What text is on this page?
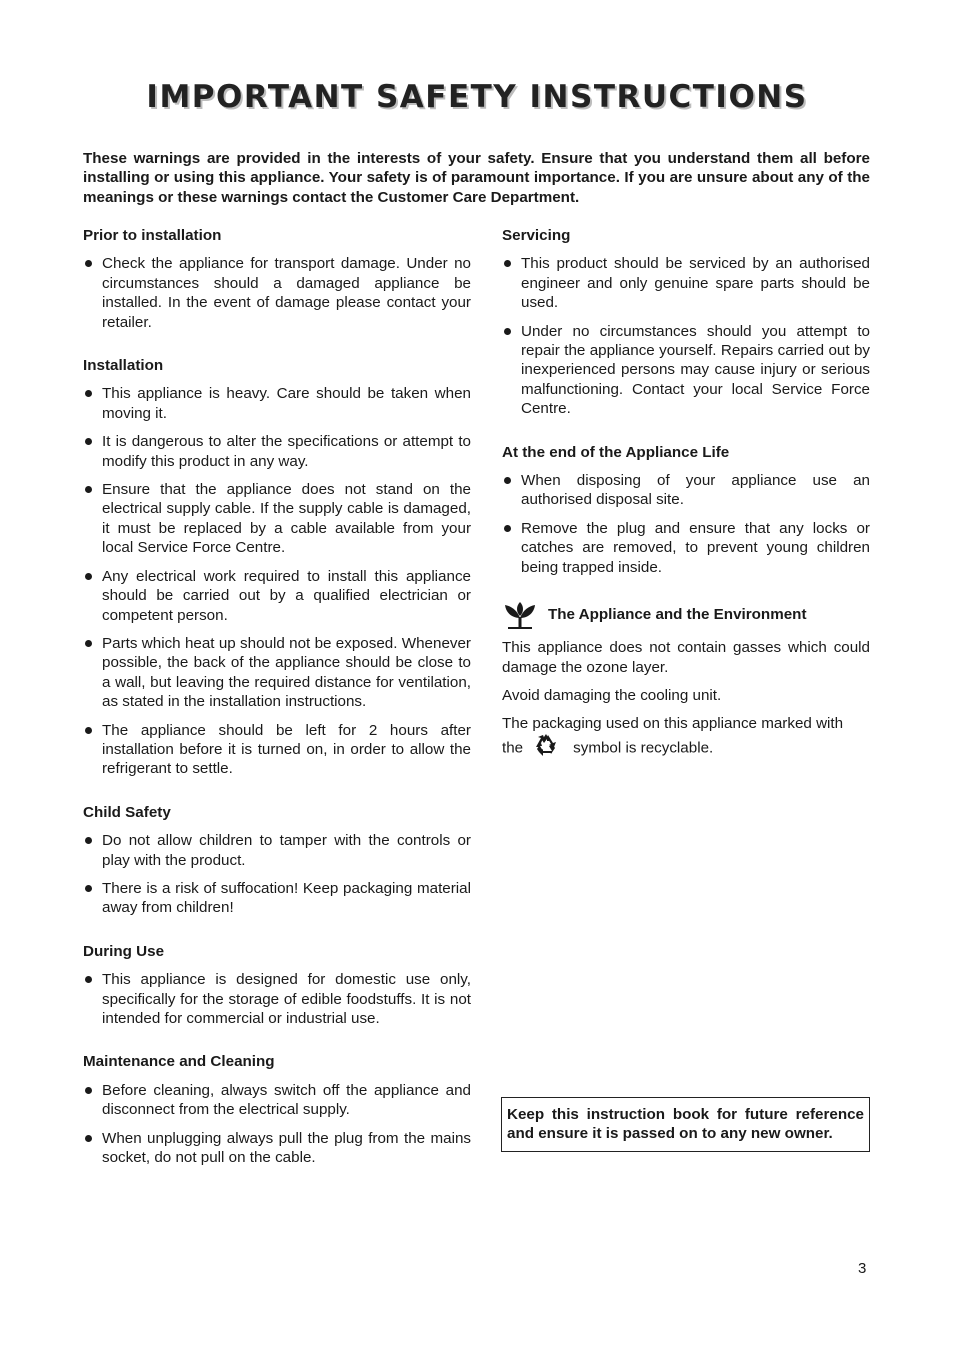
IMPORTANT SAFETY INSTRUCTIONS

These warnings are provided in the interests of your safety. Ensure that you understand them all before installing or using this appliance. Your safety is of paramount importance. If you are unsure about any of the meanings or these warnings contact the Customer Care Department.

Prior to installation
Check the appliance for transport damage. Under no circumstances should a damaged appliance be installed. In the event of damage please contact your retailer.
Installation
This appliance is heavy. Care should be taken when moving it.
It is dangerous to alter the specifications or attempt to modify this product in any way.
Ensure that the appliance does not stand on the electrical supply cable. If the supply cable is damaged, it must be replaced by a cable available from your local Service Force Centre.
Any electrical work required to install this appliance should be carried out by a qualified electrician or competent person.
Parts which heat up should not be exposed. Whenever possible, the back of the appliance should be close to a wall, but leaving the required distance for ventilation, as stated in the installation instructions.
The appliance should be left for 2 hours after installation before it is turned on, in order to allow the refrigerant to settle.
Child Safety
Do not allow children to tamper with the controls or play with the product.
There is a risk of suffocation! Keep packaging material away from children!
During Use
This appliance is designed for domestic use only, specifically for the storage of edible foodstuffs. It is not intended for commercial or industrial use.
Maintenance and Cleaning
Before cleaning, always switch off the appliance and disconnect from the electrical supply.
When unplugging always pull the plug from the mains socket, do not pull on the cable.
Servicing
This product should be serviced by an authorised engineer and only genuine spare parts should be used.
Under no circumstances should you attempt to repair the appliance yourself. Repairs carried out by inexperienced persons may cause injury or serious malfunctioning. Contact your local Service Force Centre.
At the end of the Appliance Life
When disposing of your appliance use an authorised disposal site.
Remove the plug and ensure that any locks or catches are removed, to prevent young children being trapped inside.
The Appliance and the Environment

This appliance does not contain gasses which could damage the ozone layer.

Avoid damaging the cooling unit.

The packaging used on this appliance marked with
the	symbol is recyclable.

Keep this instruction book for future reference and ensure it is passed on to any new owner.
3
